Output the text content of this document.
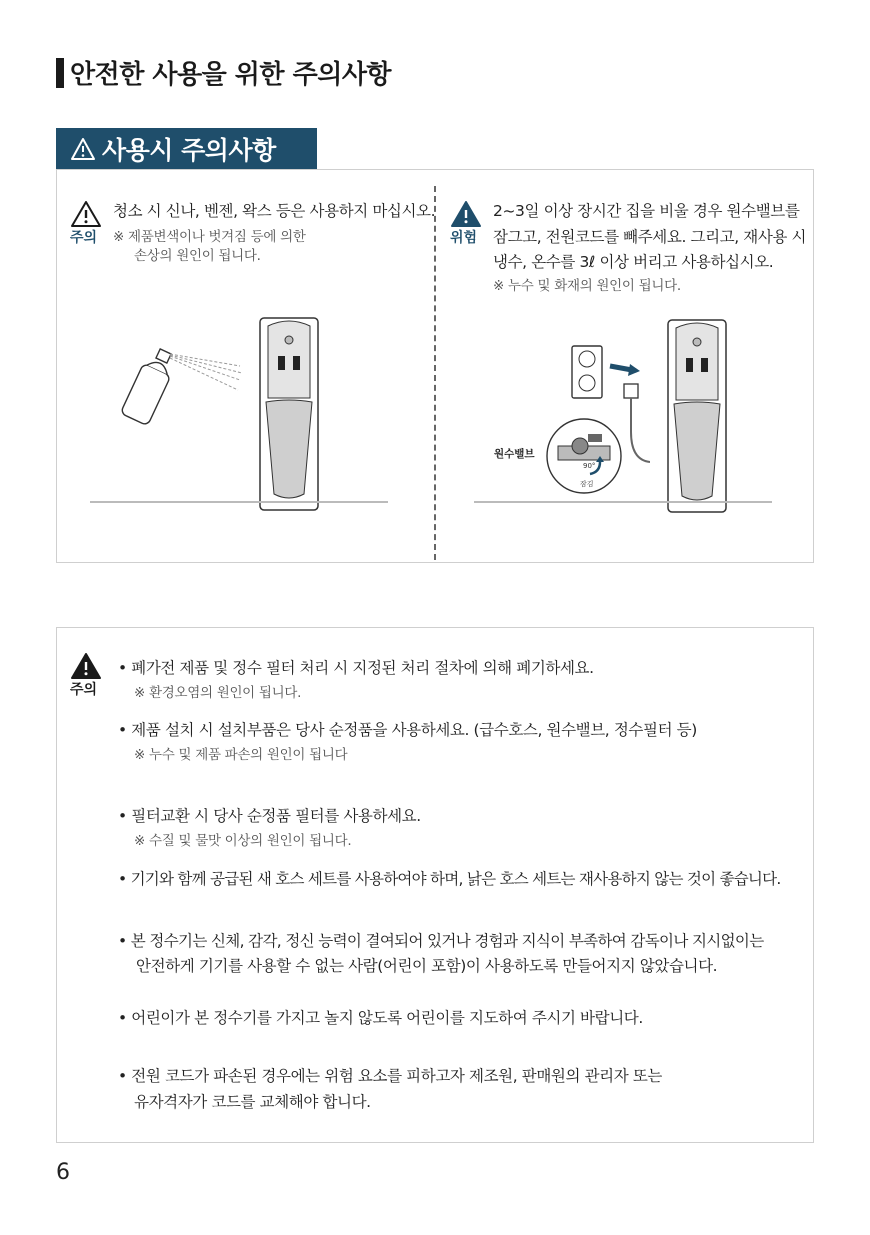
안전한 사용을 위한 주의사항
사용시 주의사항
주의
청소 시 신나, 벤젠, 왁스 등은 사용하지 마십시오.
※ 제품변색이나 벗겨짐 등에 의한
손상의 원인이 됩니다.
위험
2~3일 이상 장시간 집을 비울 경우 원수밸브를
잠그고, 전원코드를 빼주세요. 그리고, 재사용 시
냉수, 온수를 3ℓ 이상 버리고 사용하십시오.
※ 누수 및 화재의 원인이 됩니다.
원수밸브
90°
잠김
주의
• 폐가전 제품 및 정수 필터 처리 시 지정된 처리 절차에 의해 폐기하세요.
※ 환경오염의 원인이 됩니다.
• 제품 설치 시 설치부품은 당사 순정품을 사용하세요. (급수호스, 원수밸브, 정수필터 등)
※ 누수 및 제품 파손의 원인이 됩니다
• 필터교환 시 당사 순정품 필터를 사용하세요.
※ 수질 및 물맛 이상의 원인이 됩니다.
• 기기와 함께 공급된 새 호스 세트를 사용하여야 하며, 낡은 호스 세트는 재사용하지 않는 것이 좋습니다.
• 본 정수기는 신체, 감각, 정신 능력이 결여되어 있거나 경험과 지식이 부족하여 감독이나 지시없이는
안전하게 기기를 사용할 수 없는 사람(어린이 포함)이 사용하도록 만들어지지 않았습니다.
• 어린이가 본 정수기를 가지고 놀지 않도록 어린이를 지도하여 주시기 바랍니다.
• 전원 코드가 파손된 경우에는 위험 요소를 피하고자 제조원, 판매원의 관리자 또는
유자격자가 코드를 교체해야 합니다.
6
